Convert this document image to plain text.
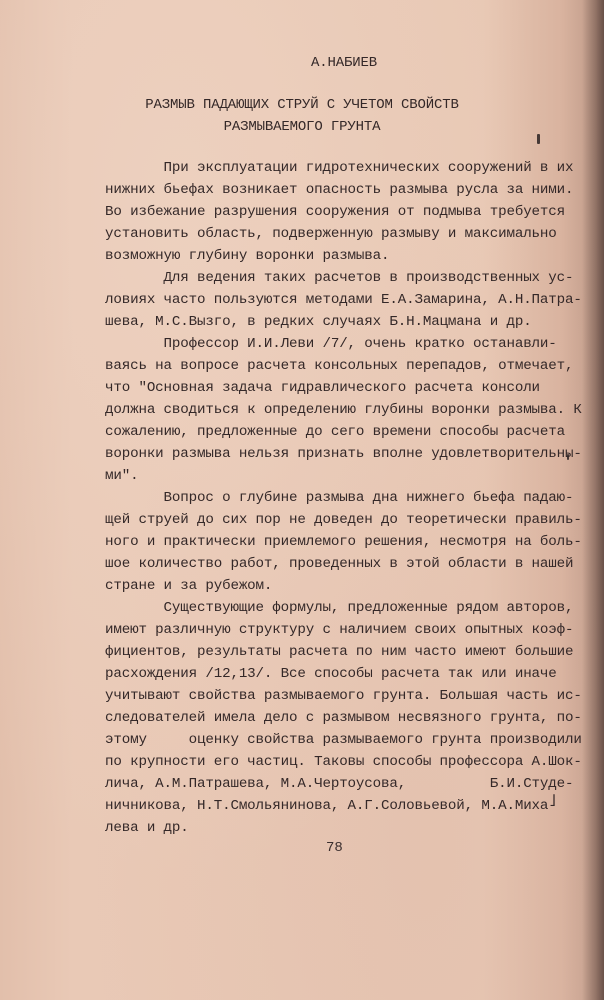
А.НАБИЕВ
РАЗМЫВ ПАДАЮЩИХ СТРУЙ С УЧЕТОМ СВОЙСТВ
РАЗМЫВАЕМОГО ГРУНТА
При эксплуатации гидротехнических сооружений в их
нижних бьефах возникает опасность размыва русла за ними.
Во избежание разрушения сооружения от подмыва требуется
установить область, подверженную размыву и максимально
возможную глубину воронки размыва.
Для ведения таких расчетов в производственных ус-
ловиях часто пользуются методами Е.А.Замарина, А.Н.Патра-
шева, М.С.Вызго, в редких случаях Б.Н.Мацмана и др.
Профессор И.И.Леви /7/, очень кратко останавли-
ваясь на вопросе расчета консольных перепадов, отмечает,
что "Основная задача гидравлического расчета консоли
должна сводиться к определению глубины воронки размыва. К
сожалению, предложенные до сего времени способы расчета
воронки размыва нельзя признать вполне удовлетворительны-
ми".
Вопрос о глубине размыва дна нижнего бьефа падаю-
щей струей до сих пор не доведен до теоретически правиль-
ного и практически приемлемого решения, несмотря на боль-
шое количество работ, проведенных в этой области в нашей
стране и за рубежом.
Существующие формулы, предложенные рядом авторов,
имеют различную структуру с наличием своих опытных коэф-
фициентов, результаты расчета по ним часто имеют большие
расхождения /12,13/. Все способы расчета так или иначе
учитывают свойства размываемого грунта. Большая часть ис-
следователей имела дело с размывом несвязного грунта, по-
этому     оценку свойства размываемого грунта производили
по крупности его частиц. Таковы способы профессора А.Шок-
лича, А.М.Патрашева, М.А.Чертоусова,          Б.И.Студе-
ничникова, Н.Т.Смольянинова, А.Г.Соловьевой, М.А.Миха-
лева и др.
78
